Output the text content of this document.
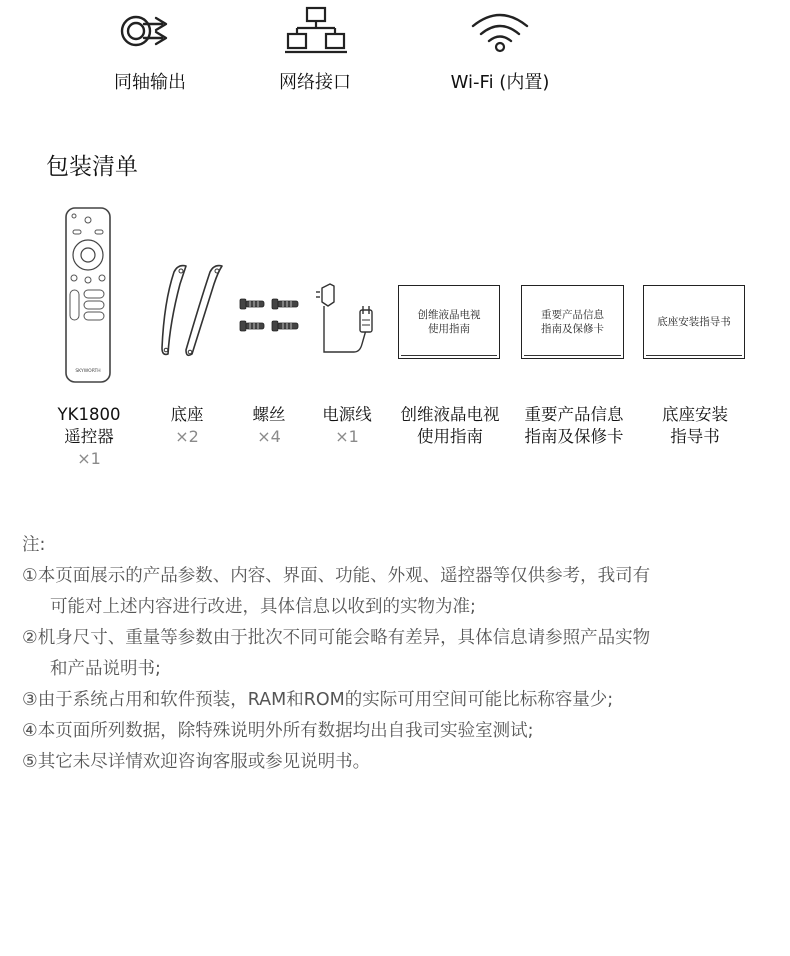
同轴输出	网络接口	Wi-Fi (内置)
包装清单
SKYWORTH
创维液晶电视
使用指南
重要产品信息
指南及保修卡
底座安装指导书
YK1800
遥控器
×1
底座
×2
螺丝
×4
电源线
×1
创维液晶电视
使用指南
重要产品信息
指南及保修卡
底座安装
指导书
注:
①本页面展示的产品参数、内容、界面、功能、外观、遥控器等仅供参考，我司有
可能对上述内容进行改进，具体信息以收到的实物为准;
②机身尺寸、重量等参数由于批次不同可能会略有差异，具体信息请参照产品实物
和产品说明书;
③由于系统占用和软件预装，RAM和ROM的实际可用空间可能比标称容量少;
④本页面所列数据，除特殊说明外所有数据均出自我司实验室测试;
⑤其它未尽详情欢迎咨询客服或参见说明书。
